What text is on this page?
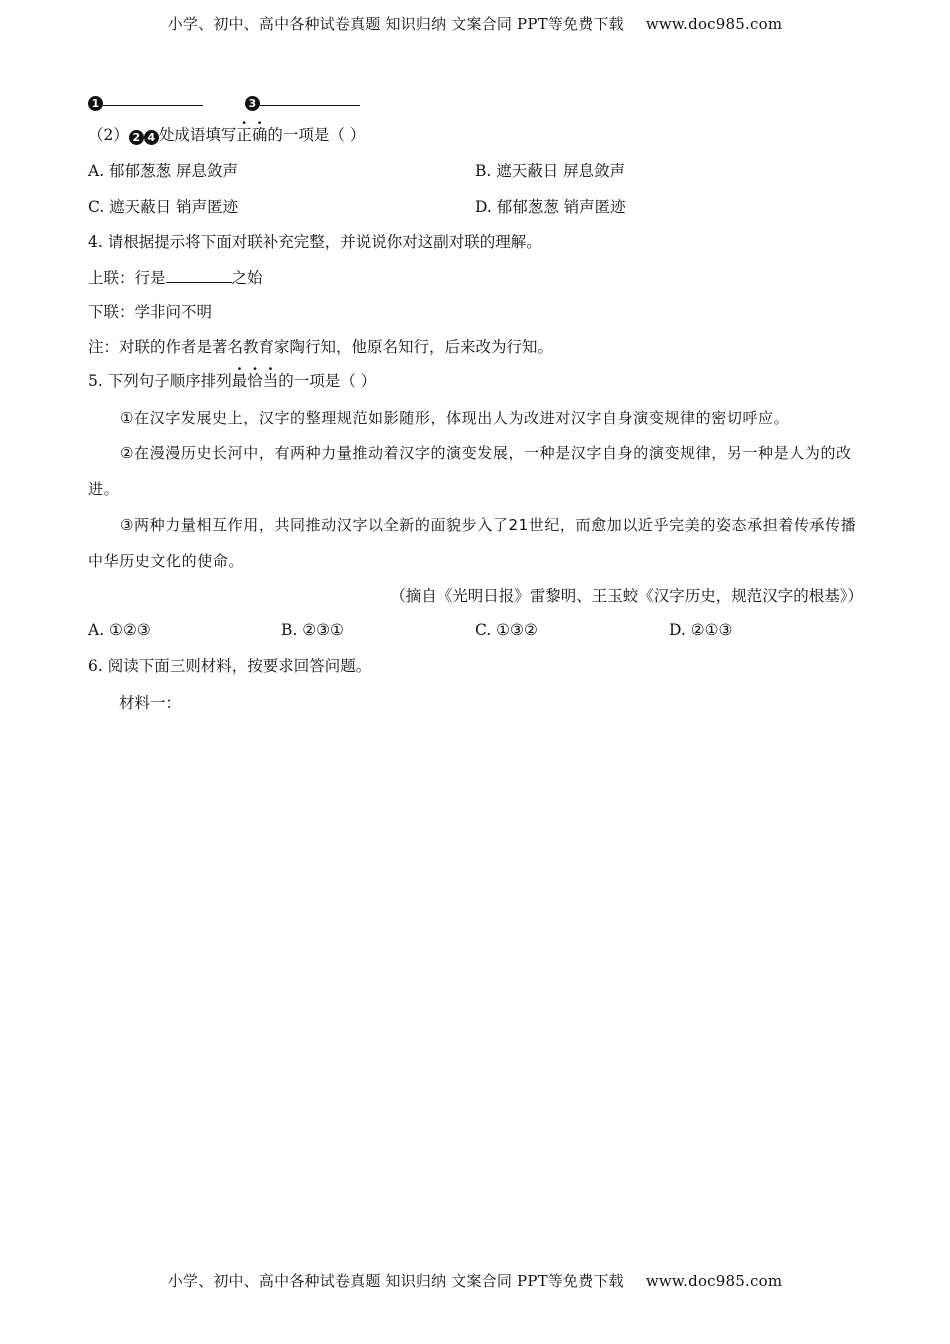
小学、初中、高中各种试卷真题 知识归纳 文案合同 PPT等免费下载 www.doc985.com
1	3
（2） 2 4 处成语填写正确的一项是（ ）
A. 郁郁葱葱 屏息敛声	B. 遮天蔽日 屏息敛声
C. 遮天蔽日 销声匿迹	D. 郁郁葱葱 销声匿迹
4. 请根据提示将下面对联补充完整，并说说你对这副对联的理解。
上联：行是	之始
下联：学非问不明
注：对联的作者是著名教育家陶行知，他原名知行，后来改为行知。
5. 下列句子顺序排列最恰当的一项是（ ）
①在汉字发展史上，汉字的整理规范如影随形，体现出人为改进对汉字自身演变规律的密切呼应。
②在漫漫历史长河中，有两种力量推动着汉字的演变发展，一种是汉字自身的演变规律，另一种是人为的改进。
③两种力量相互作用，共同推动汉字以全新的面貌步入了21世纪，而愈加以近乎完美的姿态承担着传承传播中华历史文化的使命。
（摘自《光明日报》雷黎明、王玉蛟《汉字历史，规范汉字的根基》）
A. ①②③	B. ②③①	C. ①③②	D. ②①③
6. 阅读下面三则材料，按要求回答问题。
材料一：
小学、初中、高中各种试卷真题 知识归纳 文案合同 PPT等免费下载 www.doc985.com
